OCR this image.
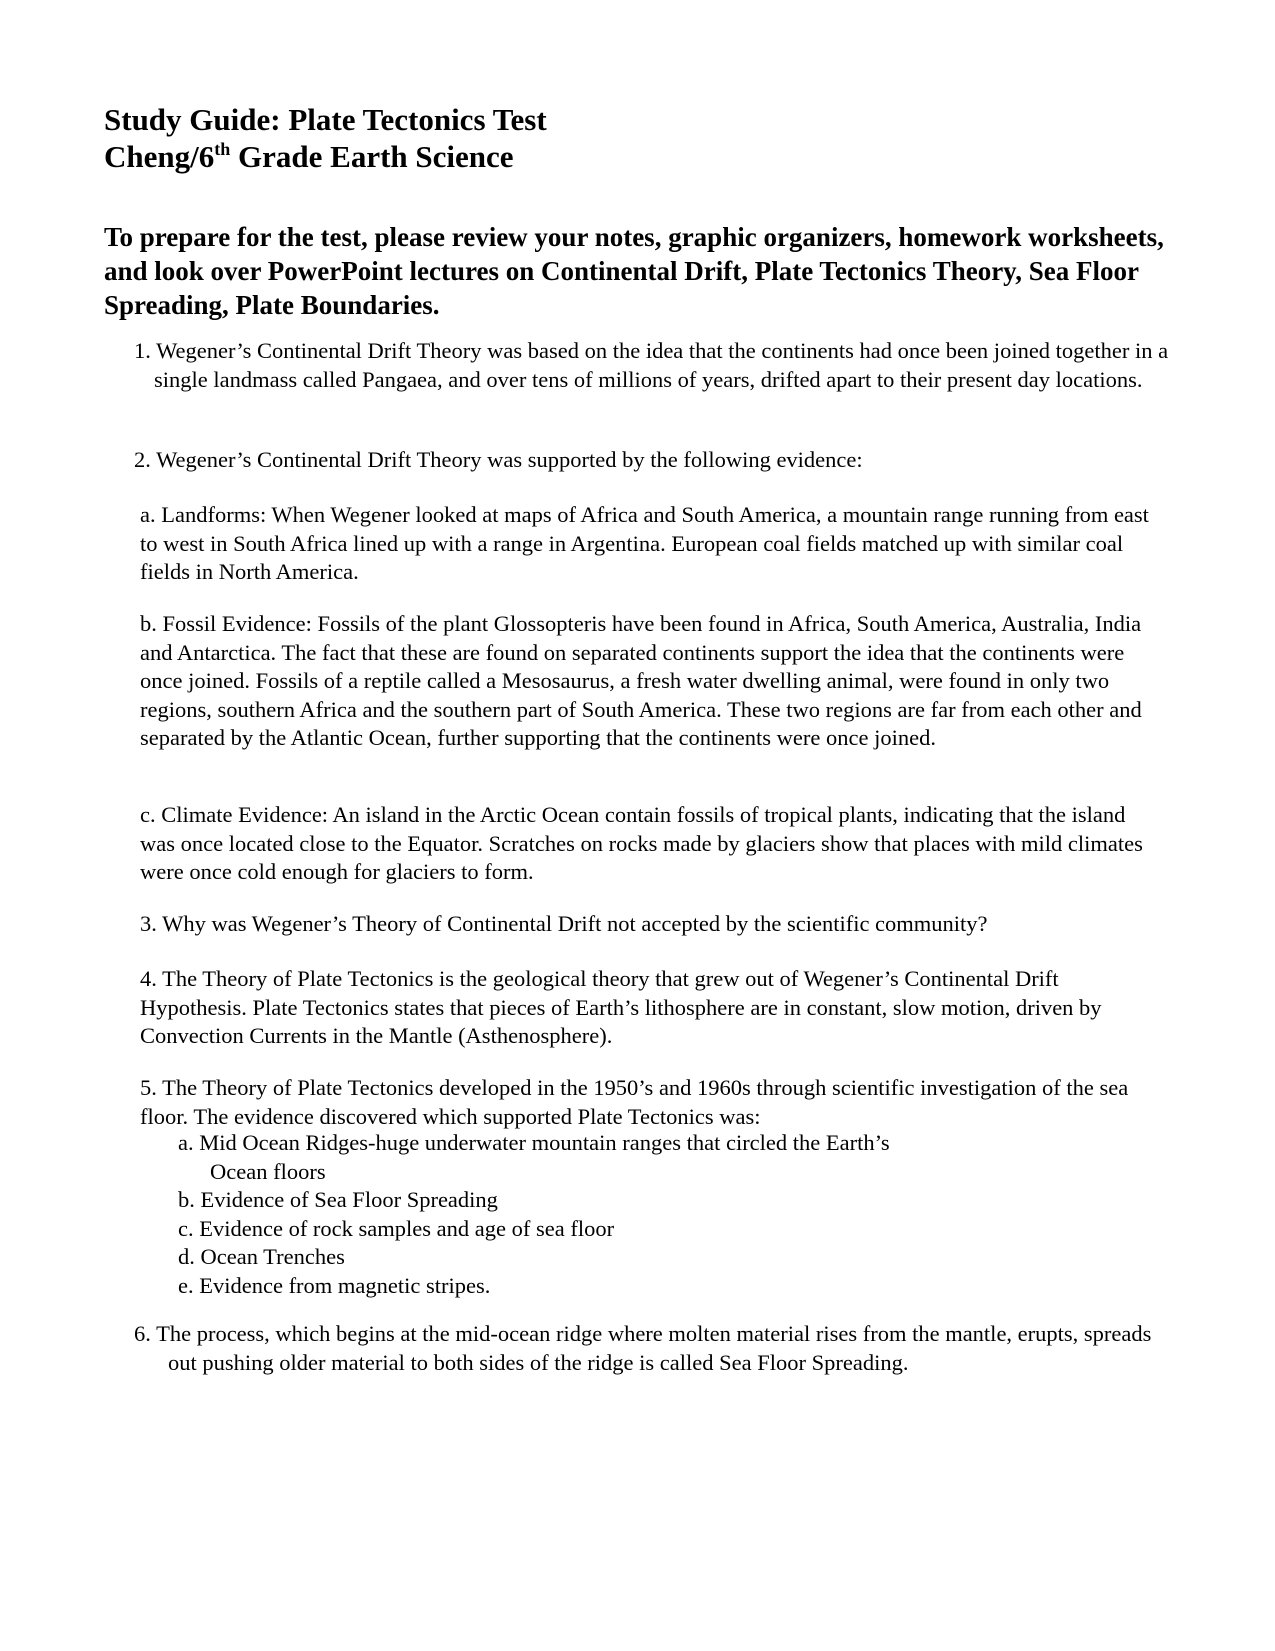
Study Guide: Plate Tectonics Test
Cheng/6th Grade Earth Science
To prepare for the test, please review your notes, graphic organizers, homework worksheets, and look over PowerPoint lectures on Continental Drift, Plate Tectonics Theory, Sea Floor Spreading, Plate Boundaries.
1. Wegener’s Continental Drift Theory was based on the idea that the continents had once been joined together in a single landmass called Pangaea, and over tens of millions of years, drifted apart to their present day locations.
2. Wegener’s Continental Drift Theory was supported by the following evidence:
a. Landforms: When Wegener looked at maps of Africa and South America, a mountain range running from east to west in South Africa lined up with a range in Argentina. European coal fields matched up with similar coal fields in North America.
b. Fossil Evidence: Fossils of the plant Glossopteris have been found in Africa, South America, Australia, India and Antarctica. The fact that these are found on separated continents support the idea that the continents were once joined. Fossils of a reptile called a Mesosaurus, a fresh water dwelling animal, were found in only two regions, southern Africa and the southern part of South America. These two regions are far from each other and separated by the Atlantic Ocean, further supporting that the continents were once joined.
c. Climate Evidence: An island in the Arctic Ocean contain fossils of tropical plants, indicating that the island was once located close to the Equator. Scratches on rocks made by glaciers show that places with mild climates were once cold enough for glaciers to form.
3. Why was Wegener’s Theory of Continental Drift not accepted by the scientific community?
4. The Theory of Plate Tectonics is the geological theory that grew out of Wegener’s Continental Drift Hypothesis. Plate Tectonics states that pieces of Earth’s lithosphere are in constant, slow motion, driven by Convection Currents in the Mantle (Asthenosphere).
5. The Theory of Plate Tectonics developed in the 1950’s and 1960s through scientific investigation of the sea floor. The evidence discovered which supported Plate Tectonics was:
a. Mid Ocean Ridges-huge underwater mountain ranges that circled the Earth’s
Ocean floors
b. Evidence of Sea Floor Spreading
c. Evidence of rock samples and age of sea floor
d. Ocean Trenches
e. Evidence from magnetic stripes.
6. The process, which begins at the mid-ocean ridge where molten material rises from the mantle, erupts, spreads out pushing older material to both sides of the ridge is called Sea Floor Spreading.
